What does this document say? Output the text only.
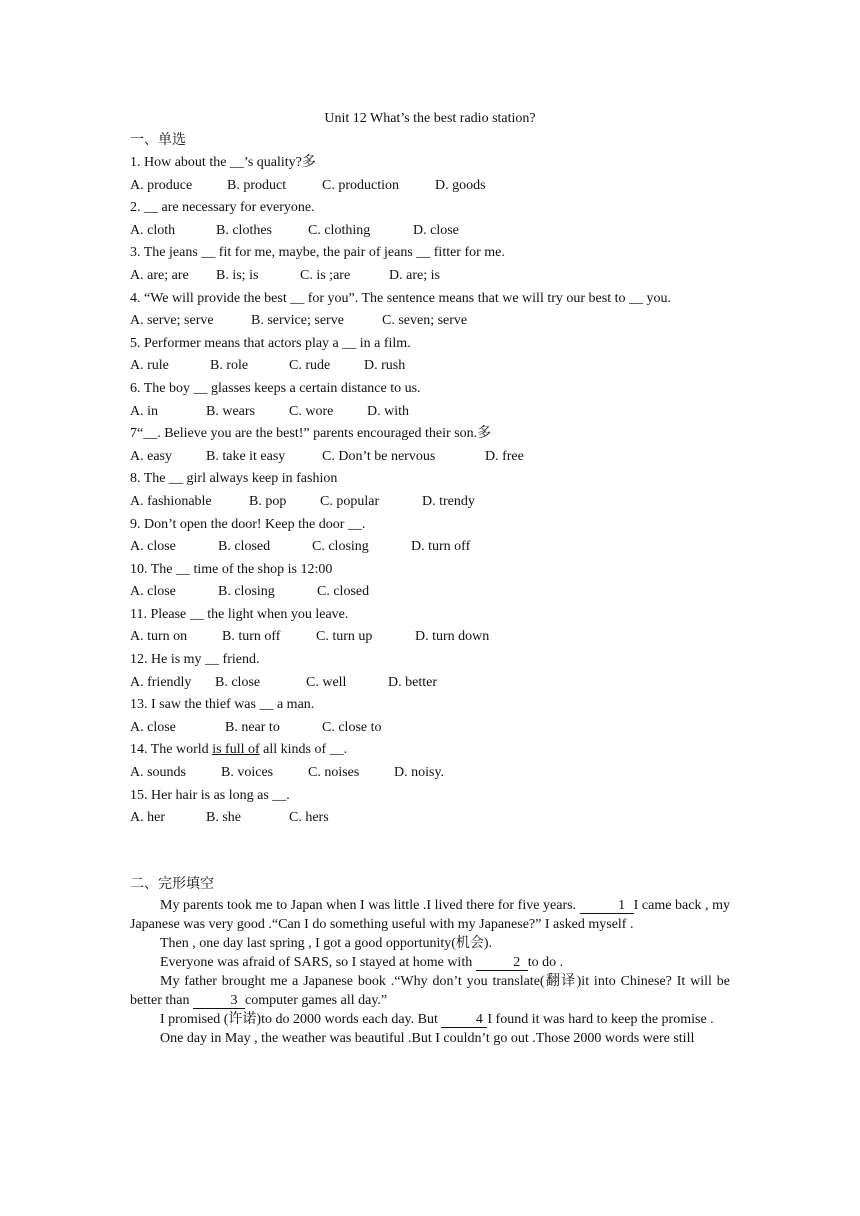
Unit 12 What’s the best radio station?
一、单选
1. How about the __’s quality?多
A. produce B. product	C. production	D. goods
2. __ are necessary for everyone.
A. cloth	B. clothes	C. clothing	D. close
3. The jeans __ fit for me, maybe, the pair of jeans __ fitter for me.
A. are; are B. is; is	C. is ;are	D. are; is
4. “We will provide the best __ for you”. The sentence means that we will try our best to __ you.
A. serve; serve	B. service; serve	C. seven; serve
5. Performer means that actors play a __ in a film.
A. rule	B. role	C. rude D. rush
6. The boy __ glasses keeps a certain distance to us.
A. in	B. wears C. wore D. with
7“__. Believe you are the best!” parents encouraged their son.多
A. easy B. take it easy	C. Don’t be nervous	D. free
8. The __ girl always keep in fashion
A. fashionable	B. pop C. popular	D. trendy
9. Don’t open the door! Keep the door __.
A. close	B. closed	C. closing	D. turn off
10. The __ time of the shop is 12:00
A. close	B. closing	C. closed
11. Please __ the light when you leave.
A. turn on B. turn off	C. turn up	D. turn down
12. He is my __ friend.
A. friendly B. close	C. well	D. better
13. I saw the thief was __ a man.
A. close	B. near to	C. close to
14. The world is full of all kinds of __.
A. sounds B. voices C. noises D. noisy.
15. Her hair is as long as __.
A. her	B. she	C. hers
二、完形填空

My parents took me to Japan when I was little .I lived there for five years.	1 I came back , my Japanese was very good .“Can I do something useful with my Japanese?” I asked myself .

Then , one day last spring , I got a good opportunity(机会).

Everyone was afraid of SARS, so I stayed at home with	2 to do .

My father brought me a Japanese book .“Why don’t you translate(翻译)it into Chinese? It will be better than	3 computer games all day.”

I promised (许诺)to do 2000 words each day. But	4 I found it was hard to keep the promise .

One day in May , the weather was beautiful .But I couldn’t go out .Those 2000 words were still
